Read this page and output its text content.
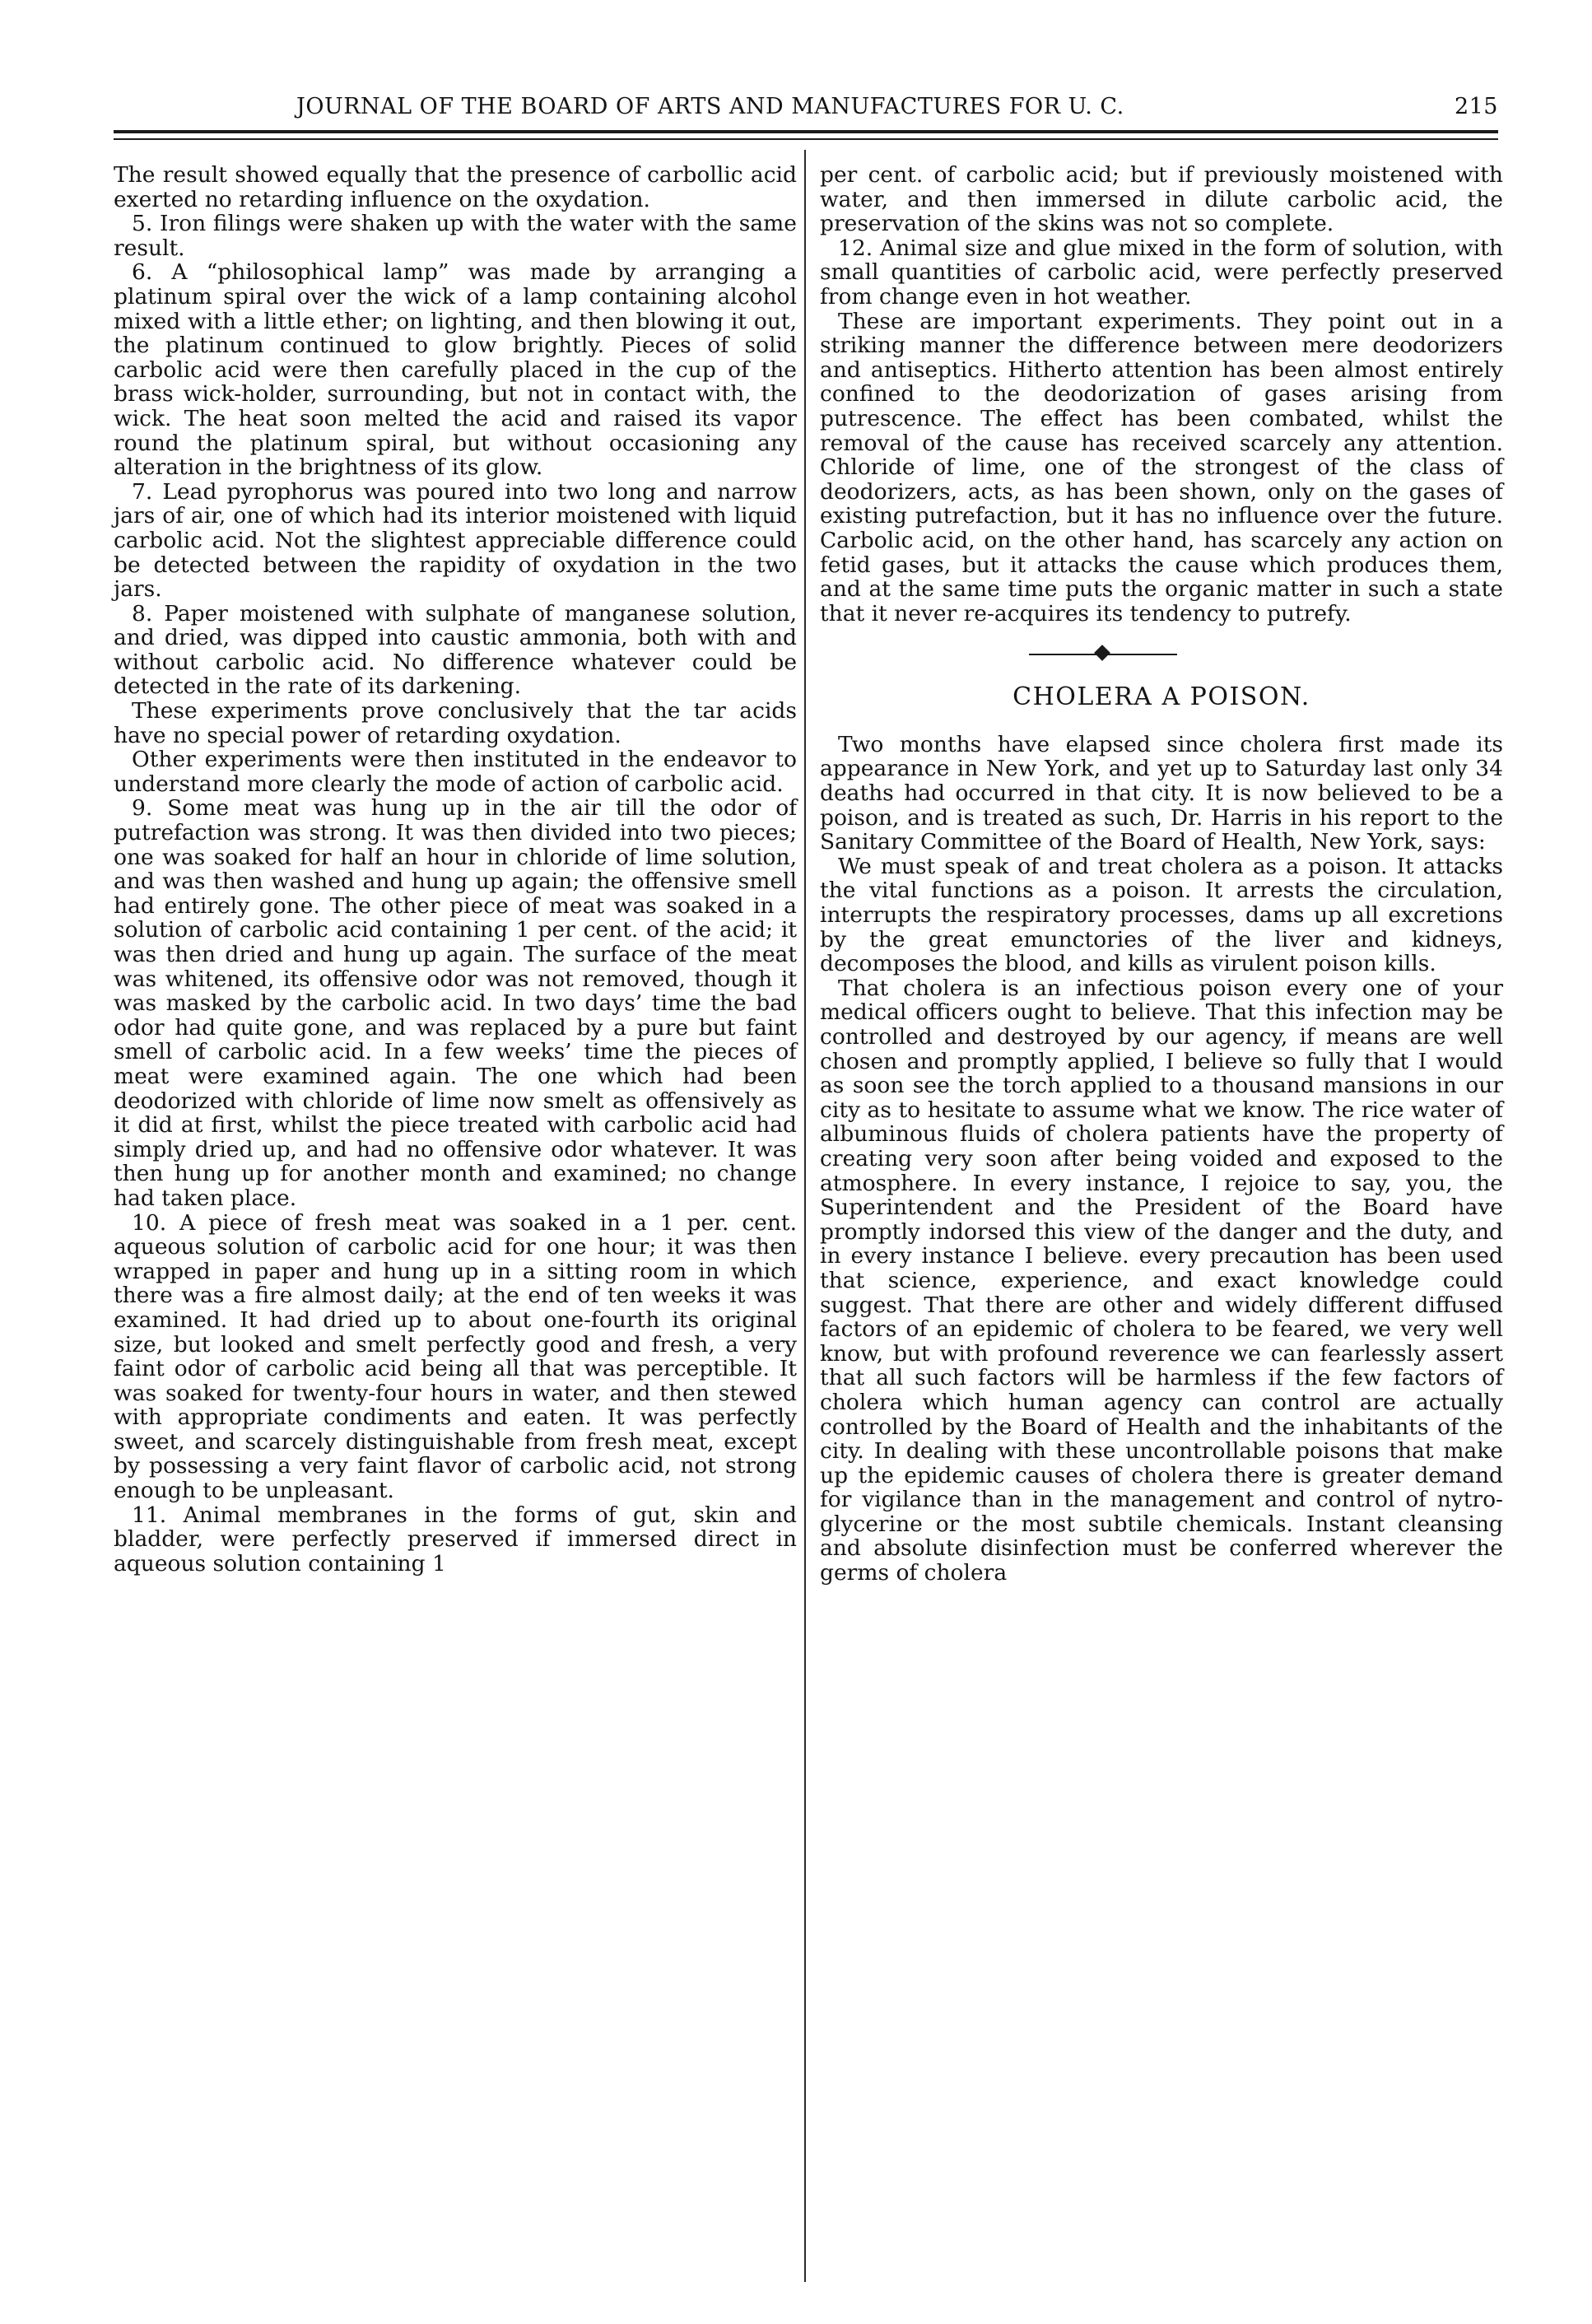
JOURNAL OF THE BOARD OF ARTS AND MANUFACTURES FOR U. C.	215

The result showed equally that the presence of carbollic acid exerted no retarding influence on the oxydation.

5. Iron filings were shaken up with the water with the same result.

6. A “philosophical lamp” was made by arranging a platinum spiral over the wick of a lamp containing alcohol mixed with a little ether; on lighting, and then blowing it out, the platinum continued to glow brightly. Pieces of solid carbolic acid were then carefully placed in the cup of the brass wick-holder, surrounding, but not in contact with, the wick. The heat soon melted the acid and raised its vapor round the platinum spiral, but without occasioning any alteration in the brightness of its glow.

7. Lead pyrophorus was poured into two long and narrow jars of air, one of which had its interior moistened with liquid carbolic acid. Not the slightest appreciable difference could be detected between the rapidity of oxydation in the two jars.

8. Paper moistened with sulphate of manganese solution, and dried, was dipped into caustic ammonia, both with and without carbolic acid. No difference whatever could be detected in the rate of its darkening.

These experiments prove conclusively that the tar acids have no special power of retarding oxydation.

Other experiments were then instituted in the endeavor to understand more clearly the mode of action of carbolic acid.

9. Some meat was hung up in the air till the odor of putrefaction was strong. It was then divided into two pieces; one was soaked for half an hour in chloride of lime solution, and was then washed and hung up again; the offensive smell had entirely gone. The other piece of meat was soaked in a solution of carbolic acid containing 1 per cent. of the acid; it was then dried and hung up again. The surface of the meat was whitened, its offensive odor was not removed, though it was masked by the carbolic acid. In two days’ time the bad odor had quite gone, and was replaced by a pure but faint smell of carbolic acid. In a few weeks’ time the pieces of meat were examined again. The one which had been deodorized with chloride of lime now smelt as offensively as it did at first, whilst the piece treated with carbolic acid had simply dried up, and had no offensive odor whatever. It was then hung up for another month and examined; no change had taken place.

10. A piece of fresh meat was soaked in a 1 per. cent. aqueous solution of carbolic acid for one hour; it was then wrapped in paper and hung up in a sitting room in which there was a fire almost daily; at the end of ten weeks it was examined. It had dried up to about one-fourth its original size, but looked and smelt perfectly good and fresh, a very faint odor of carbolic acid being all that was perceptible. It was soaked for twenty-four hours in water, and then stewed with appropriate condiments and eaten. It was perfectly sweet, and scarcely distinguishable from fresh meat, except by possessing a very faint flavor of carbolic acid, not strong enough to be unpleasant.

11. Animal membranes in the forms of gut, skin and bladder, were perfectly preserved if immersed direct in aqueous solution containing 1

per cent. of carbolic acid; but if previously moistened with water, and then immersed in dilute carbolic acid, the preservation of the skins was not so complete.

12. Animal size and glue mixed in the form of solution, with small quantities of carbolic acid, were perfectly preserved from change even in hot weather.

These are important experiments. They point out in a striking manner the difference between mere deodorizers and antiseptics. Hitherto attention has been almost entirely confined to the deodorization of gases arising from putrescence. The effect has been combated, whilst the removal of the cause has received scarcely any attention. Chloride of lime, one of the strongest of the class of deodorizers, acts, as has been shown, only on the gases of existing putrefaction, but it has no influence over the future. Carbolic acid, on the other hand, has scarcely any action on fetid gases, but it attacks the cause which produces them, and at the same time puts the organic matter in such a state that it never re-acquires its tendency to putrefy.

CHOLERA A POISON.

Two months have elapsed since cholera first made its appearance in New York, and yet up to Saturday last only 34 deaths had occurred in that city. It is now believed to be a poison, and is treated as such, Dr. Harris in his report to the Sanitary Committee of the Board of Health, New York, says:

We must speak of and treat cholera as a poison. It attacks the vital functions as a poison. It arrests the circulation, interrupts the respiratory processes, dams up all excretions by the great emunctories of the liver and kidneys, decomposes the blood, and kills as virulent poison kills.

That cholera is an infectious poison every one of your medical officers ought to believe. That this infection may be controlled and destroyed by our agency, if means are well chosen and promptly applied, I believe so fully that I would as soon see the torch applied to a thousand mansions in our city as to hesitate to assume what we know. The rice water of albuminous fluids of cholera patients have the property of creating very soon after being voided and exposed to the atmosphere. In every instance, I rejoice to say, you, the Superintendent and the President of the Board have promptly indorsed this view of the danger and the duty, and in every instance I believe. every precaution has been used that science, experience, and exact knowledge could suggest. That there are other and widely different diffused factors of an epidemic of cholera to be feared, we very well know, but with profound reverence we can fearlessly assert that all such factors will be harmless if the few factors of cholera which human agency can control are actually controlled by the Board of Health and the inhabitants of the city. In dealing with these uncontrollable poisons that make up the epidemic causes of cholera there is greater demand for vigilance than in the management and control of nytro-glycerine or the most subtile chemicals. Instant cleansing and absolute disinfection must be conferred wherever the germs of cholera
